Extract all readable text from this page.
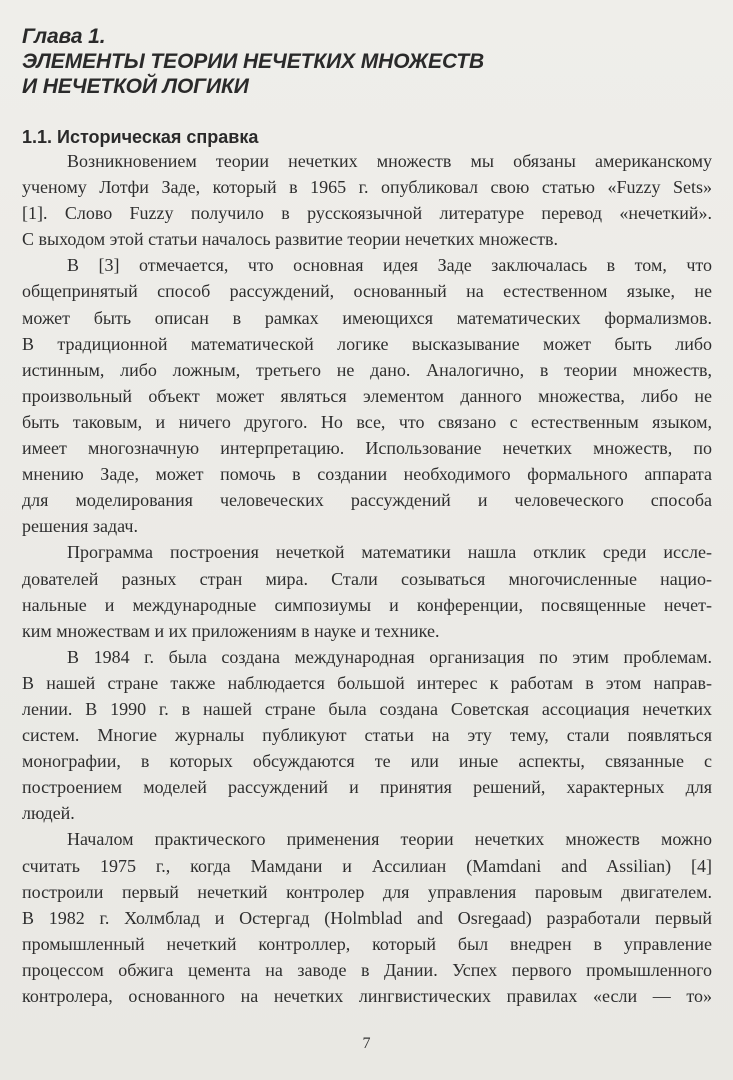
Глава 1.
ЭЛЕМЕНТЫ ТЕОРИИ НЕЧЕТКИХ МНОЖЕСТВ
И НЕЧЕТКОЙ ЛОГИКИ
1.1. Историческая справка

Возникновением теории нечетких множеств мы обязаны американскому

ученому Лотфи Заде, который в 1965 г. опубликовал свою статью «Fuzzy Sets»

[1]. Слово Fuzzy получило в русскоязычной литературе перевод «нечеткий».

С выходом этой статьи началось развитие теории нечетких множеств.

В [3] отмечается, что основная идея Заде заключалась в том, что

общепринятый способ рассуждений, основанный на естественном языке, не

может быть описан в рамках имеющихся математических формализмов.

В традиционной математической логике высказывание может быть либо

истинным, либо ложным, третьего не дано. Аналогично, в теории множеств,

произвольный объект может являться элементом данного множества, либо не

быть таковым, и ничего другого. Но все, что связано с естественным языком,

имеет многозначную интерпретацию. Использование нечетких множеств, по

мнению Заде, может помочь в создании необходимого формального аппарата

для моделирования человеческих рассуждений и человеческого способа

решения задач.

Программа построения нечеткой математики нашла отклик среди иссле-

дователей разных стран мира. Стали созываться многочисленные нацио-

нальные и международные симпозиумы и конференции, посвященные нечет-

ким множествам и их приложениям в науке и технике.

В 1984 г. была создана международная организация по этим проблемам.

В нашей стране также наблюдается большой интерес к работам в этом направ-

лении. В 1990 г. в нашей стране была создана Советская ассоциация нечетких

систем. Многие журналы публикуют статьи на эту тему, стали появляться

монографии, в которых обсуждаются те или иные аспекты, связанные с

построением моделей рассуждений и принятия решений, характерных для

людей.

Началом практического применения теории нечетких множеств можно

считать 1975 г., когда Мамдани и Ассилиан (Mamdani and Assilian) [4]

построили первый нечеткий контролер для управления паровым двигателем.

В 1982 г. Холмблад и Остергад (Holmblad and Osregaad) разработали первый

промышленный нечеткий контроллер, который был внедрен в управление

процессом обжига цемента на заводе в Дании. Успех первого промышленного

контролера, основанного на нечетких лингвистических правилах «если — то»

7
